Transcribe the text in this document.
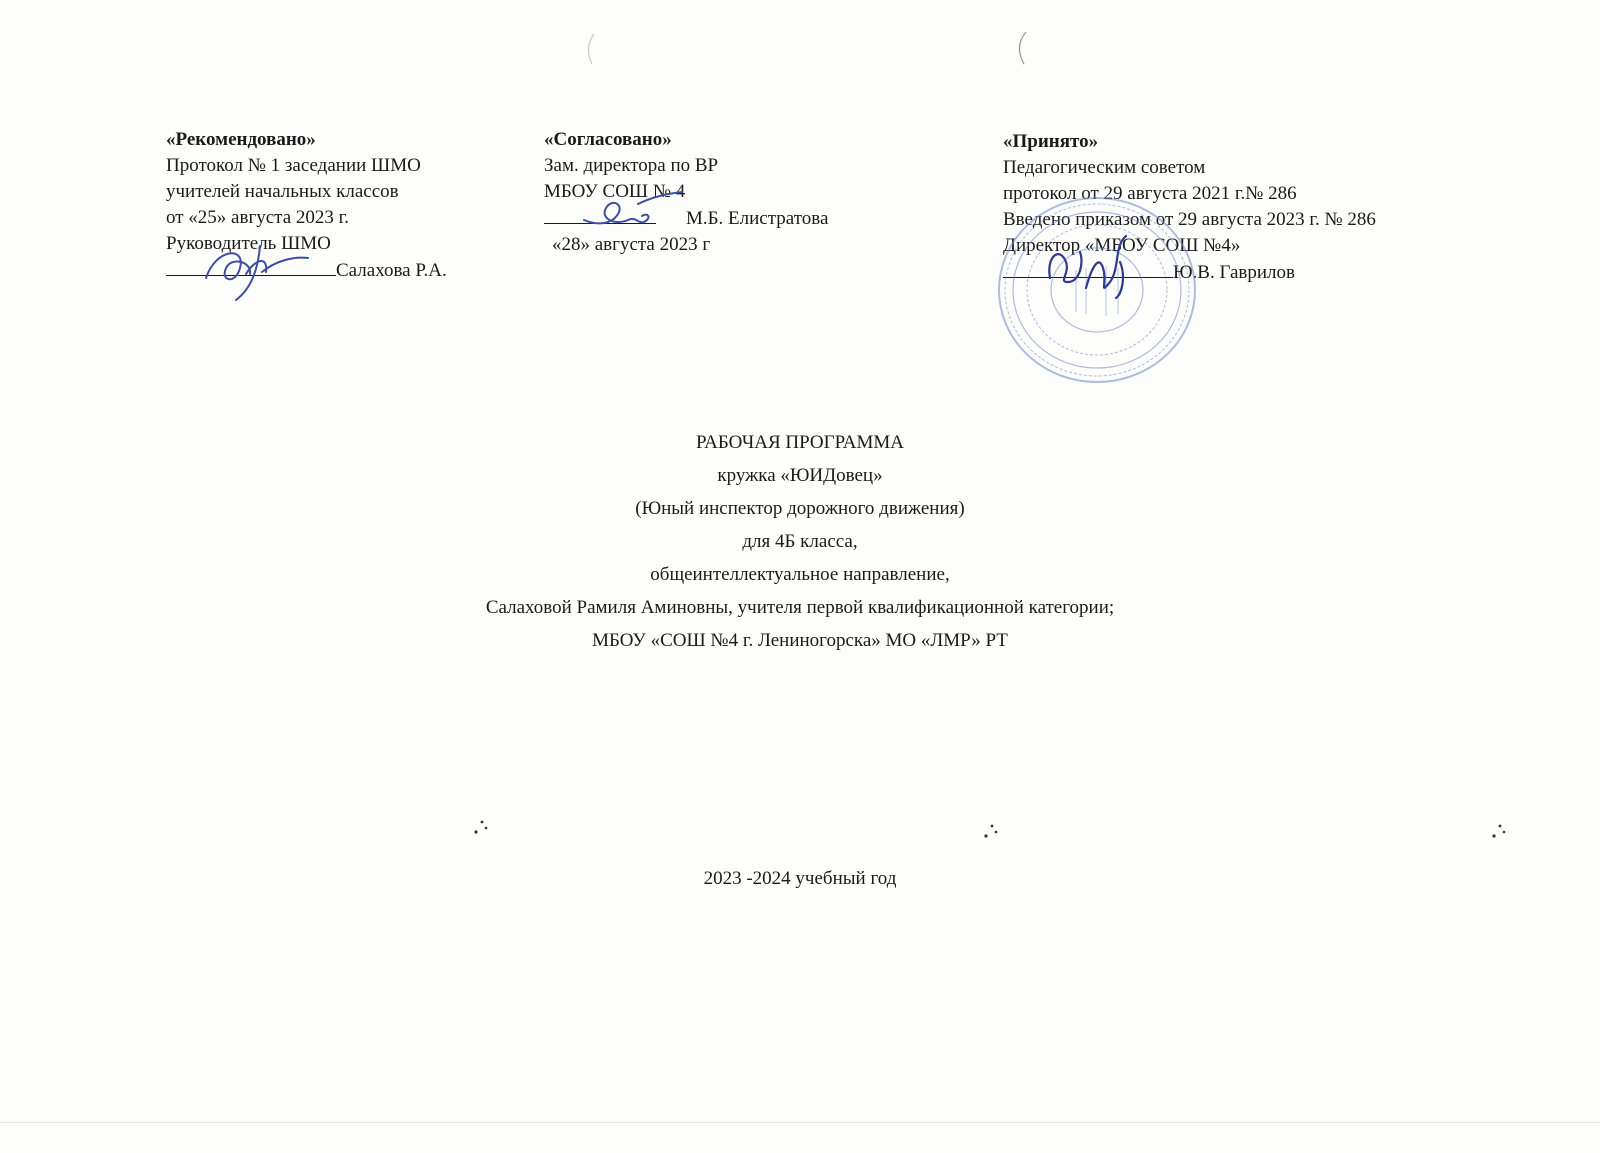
«Рекомендовано»
Протокол № 1 заседании ШМО
учителей начальных классов
от «25» августа 2023 г.
Руководитель ШМО
Салахова Р.А.
«Согласовано»
Зам. директора по ВР
МБОУ СОШ № 4
М.Б. Елистратова
«28» августа 2023 г
«Принято»
Педагогическим советом
протокол от 29 августа 2021 г.№ 286
Введено приказом от 29 августа 2023 г. № 286
Директор «МБОУ СОШ №4»
Ю.В. Гаврилов
РАБОЧАЯ ПРОГРАММА
кружка «ЮИДовец»
(Юный инспектор дорожного движения)
для 4Б класса,
общеинтеллектуальное направление,
Салаховой Рамиля Аминовны, учителя первой квалификационной категории;
МБОУ «СОШ №4 г. Лениногорска» МО «ЛМР» РТ
2023 -2024 учебный год
